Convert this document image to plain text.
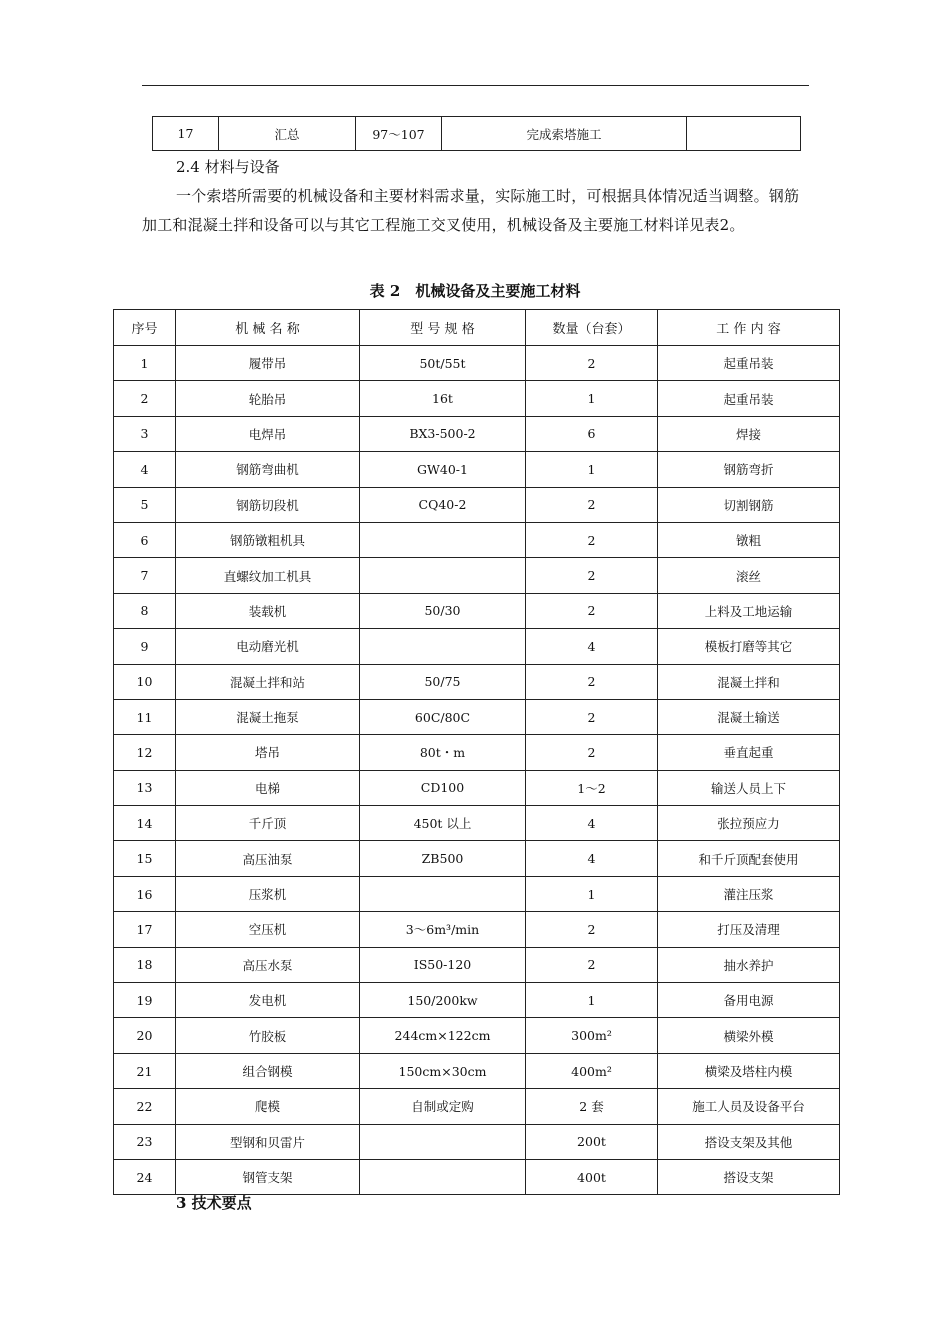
17	汇总	97～107	完成索塔施工	
2.4 材料与设备
一个索塔所需要的机械设备和主要材料需求量，实际施工时，可根据具体情况适当调整。钢筋加工和混凝土拌和设备可以与其它工程施工交叉使用，机械设备及主要施工材料详见表2。
表 2　机械设备及主要施工材料
序号	机 械 名 称	型 号 规 格	数量（台套）	工 作 内 容
1	履带吊	50t/55t	2	起重吊装
2	轮胎吊	16t	1	起重吊装
3	电焊吊	BX3-500-2	6	焊接
4	钢筋弯曲机	GW40-1	1	钢筋弯折
5	钢筋切段机	CQ40-2	2	切割钢筋
6	钢筋镦粗机具		2	镦粗
7	直螺纹加工机具		2	滚丝
8	装载机	50/30	2	上料及工地运输
9	电动磨光机		4	模板打磨等其它
10	混凝土拌和站	50/75	2	混凝土拌和
11	混凝土拖泵	60C/80C	2	混凝土输送
12	塔吊	80t・m	2	垂直起重
13	电梯	CD100	1～2	输送人员上下
14	千斤顶	450t 以上	4	张拉预应力
15	高压油泵	ZB500	4	和千斤顶配套使用
16	压浆机		1	灌注压浆
17	空压机	3～6m³/min	2	打压及清理
18	高压水泵	IS50-120	2	抽水养护
19	发电机	150/200kw	1	备用电源
20	竹胶板	244cm×122cm	300m²	横梁外模
21	组合钢模	150cm×30cm	400m²	横梁及塔柱内模
22	爬模	自制或定购	2 套	施工人员及设备平台
23	型钢和贝雷片		200t	搭设支架及其他
24	钢管支架		400t	搭设支架
3 技术要点
